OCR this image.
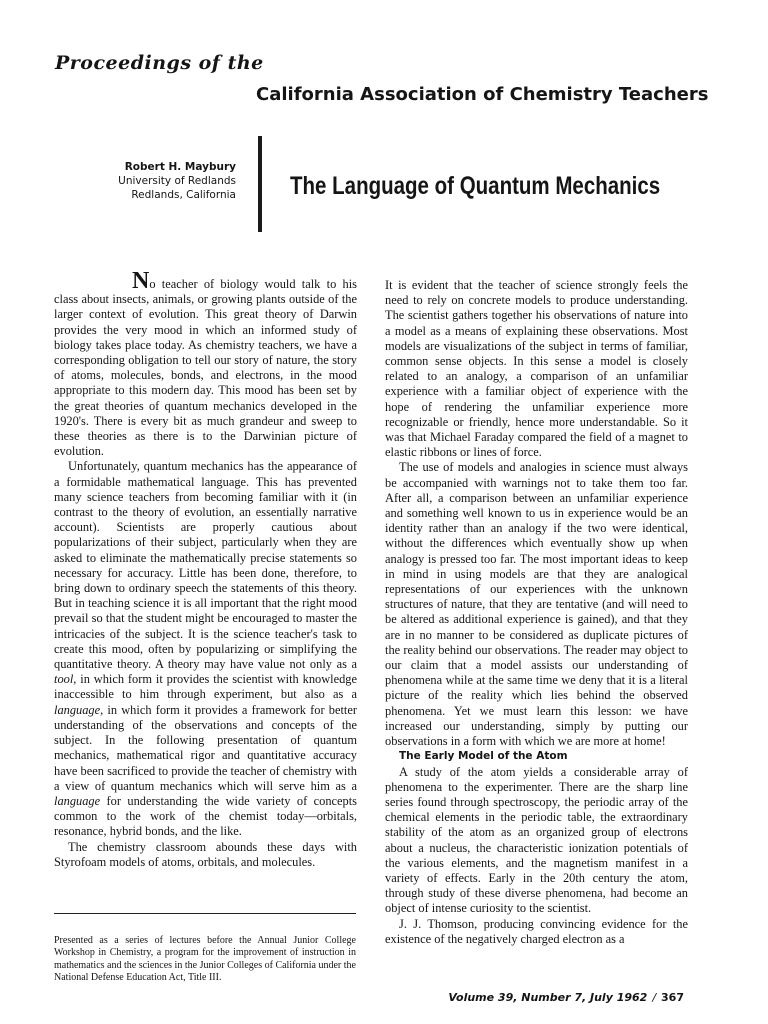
Proceedings of the
California Association of Chemistry Teachers
Robert H. Maybury
University of Redlands
Redlands, California The Language of Quantum Mechanics

No teacher of biology would talk to his class about insects, animals, or growing plants outside of the larger context of evolution. This great theory of Darwin provides the very mood in which an informed study of biology takes place today. As chemistry teachers, we have a corresponding obligation to tell our story of nature, the story of atoms, molecules, bonds, and electrons, in the mood appropriate to this modern day. This mood has been set by the great theories of quantum mechanics developed in the 1920's. There is every bit as much grandeur and sweep to these theories as there is to the Darwinian picture of evolution.

Unfortunately, quantum mechanics has the appearance of a formidable mathematical language. This has prevented many science teachers from becoming familiar with it (in contrast to the theory of evolution, an essentially narrative account). Scientists are properly cautious about popularizations of their subject, particularly when they are asked to eliminate the mathematically precise statements so necessary for accuracy. Little has been done, therefore, to bring down to ordinary speech the statements of this theory. But in teaching science it is all important that the right mood prevail so that the student might be encouraged to master the intricacies of the subject. It is the science teacher's task to create this mood, often by popularizing or simplifying the quantitative theory. A theory may have value not only as a tool, in which form it provides the scientist with knowledge inaccessible to him through experiment, but also as a language, in which form it provides a framework for better understanding of the observations and concepts of the subject. In the following presentation of quantum mechanics, mathematical rigor and quantitative accuracy have been sacrificed to provide the teacher of chemistry with a view of quantum mechanics which will serve him as a language for understanding the wide variety of concepts common to the work of the chemist today—orbitals, resonance, hybrid bonds, and the like.

The chemistry classroom abounds these days with Styrofoam models of atoms, orbitals, and molecules.

Presented as a series of lectures before the Annual Junior College Workshop in Chemistry, a program for the improvement of instruction in mathematics and the sciences in the Junior Colleges of California under the National Defense Education Act, Title III.

It is evident that the teacher of science strongly feels the need to rely on concrete models to produce understanding. The scientist gathers together his observations of nature into a model as a means of explaining these observations. Most models are visualizations of the subject in terms of familiar, common sense objects. In this sense a model is closely related to an analogy, a comparison of an unfamiliar experience with a familiar object of experience with the hope of rendering the unfamiliar experience more recognizable or friendly, hence more understandable. So it was that Michael Faraday compared the field of a magnet to elastic ribbons or lines of force.

The use of models and analogies in science must always be accompanied with warnings not to take them too far. After all, a comparison between an unfamiliar experience and something well known to us in experience would be an identity rather than an analogy if the two were identical, without the differences which eventually show up when analogy is pressed too far. The most important ideas to keep in mind in using models are that they are analogical representations of our experiences with the unknown structures of nature, that they are tentative (and will need to be altered as additional experience is gained), and that they are in no manner to be considered as duplicate pictures of the reality behind our observations. The reader may object to our claim that a model assists our understanding of phenomena while at the same time we deny that it is a literal picture of the reality which lies behind the observed phenomena. Yet we must learn this lesson: we have increased our understanding, simply by putting our observations in a form with which we are more at home!

The Early Model of the Atom

A study of the atom yields a considerable array of phenomena to the experimenter. There are the sharp line series found through spectroscopy, the periodic array of the chemical elements in the periodic table, the extraordinary stability of the atom as an organized group of electrons about a nucleus, the characteristic ionization potentials of the various elements, and the magnetism manifest in a variety of effects. Early in the 20th century the atom, through study of these diverse phenomena, had become an object of intense curiosity to the scientist.

J. J. Thomson, producing convincing evidence for the existence of the negatively charged electron as a

Volume 39, Number 7, July 1962 / 367
